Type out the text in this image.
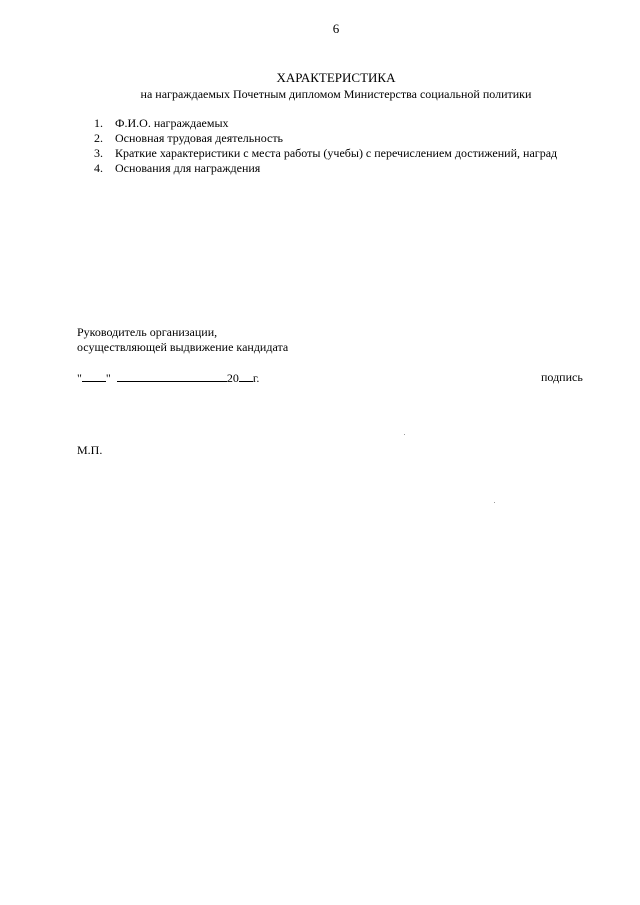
6
ХАРАКТЕРИСТИКА
на награждаемых Почетным дипломом Министерства социальной политики
1. Ф.И.О. награждаемых
2. Основная трудовая деятельность
3. Краткие характеристики с места работы (учебы) с перечислением достижений, наград
4. Основания для награждения
Руководитель организации,
осуществляющей выдвижение кандидата
" "	20 г.	подпись
М.П.
